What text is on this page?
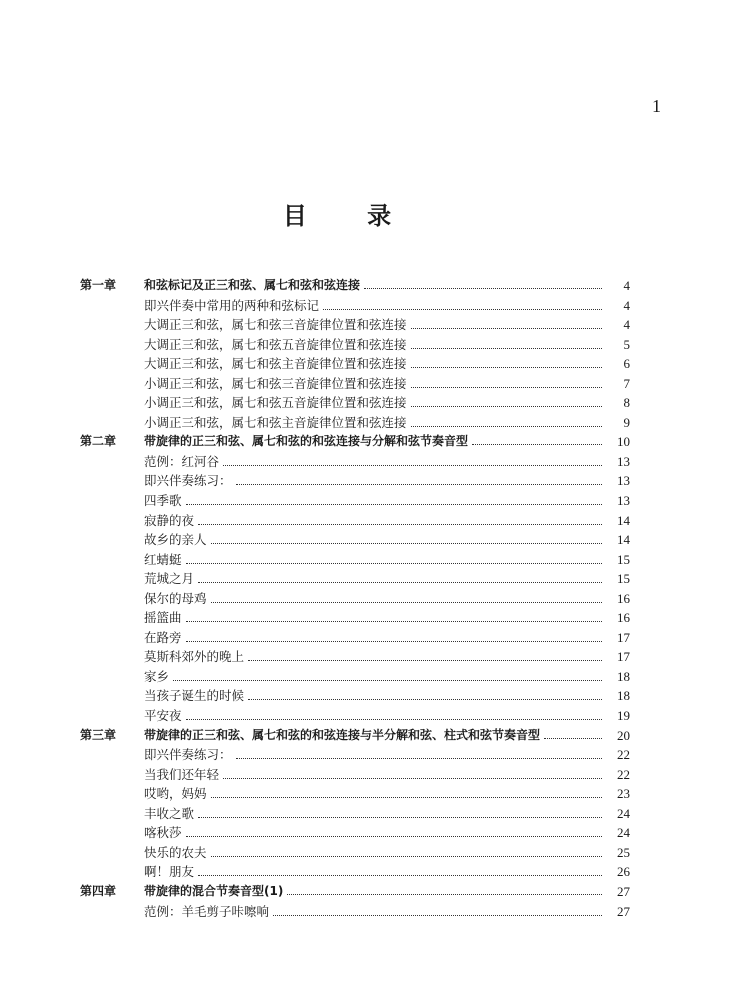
1
目 录
第一章 和弦标记及正三和弦、属七和弦和弦连接	4
即兴伴奏中常用的两种和弦标记	4
大调正三和弦，属七和弦三音旋律位置和弦连接	4
大调正三和弦，属七和弦五音旋律位置和弦连接	5
大调正三和弦，属七和弦主音旋律位置和弦连接	6
小调正三和弦，属七和弦三音旋律位置和弦连接	7
小调正三和弦，属七和弦五音旋律位置和弦连接	8
小调正三和弦，属七和弦主音旋律位置和弦连接	9
第二章 带旋律的正三和弦、属七和弦的和弦连接与分解和弦节奏音型	10
范例：红河谷	13
即兴伴奏练习：	13
四季歌	13
寂静的夜	14
故乡的亲人	14
红蜻蜓	15
荒城之月	15
保尔的母鸡	16
摇篮曲	16
在路旁	17
莫斯科郊外的晚上	17
家乡	18
当孩子诞生的时候	18
平安夜	19
第三章 带旋律的正三和弦、属七和弦的和弦连接与半分解和弦、柱式和弦节奏音型	20
即兴伴奏练习：	22
当我们还年轻	22
哎哟，妈妈	23
丰收之歌	24
喀秋莎	24
快乐的农夫	25
啊！朋友	26
第四章 带旋律的混合节奏音型(1)	27
范例：羊毛剪子咔嚓响	27
